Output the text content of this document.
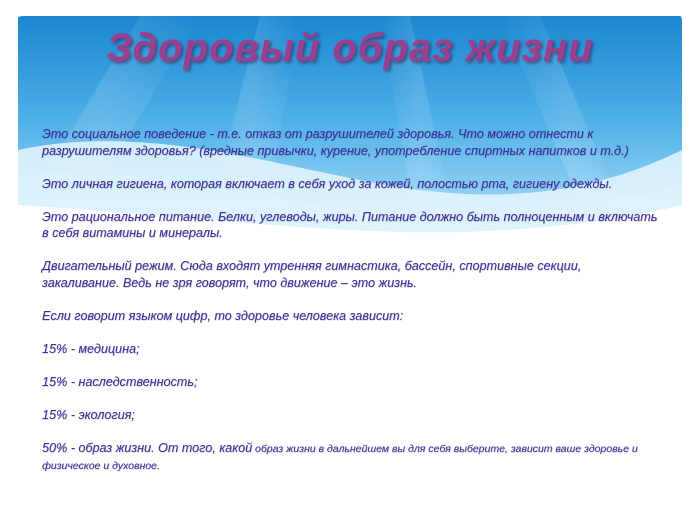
Здоровый образ жизни

Это социальное поведение - т.е. отказ от разрушителей здоровья. Что можно отнести к разрушителям здоровья? (вредные привычки, курение, употребление спиртных напитков и т.д.)

Это личная гигиена, которая включает в себя уход за кожей, полостью рта, гигиену одежды.

Это рациональное питание. Белки, углеводы, жиры. Питание должно быть полноценным и включать в себя витамины и минералы.

Двигательный режим. Сюда входят утренняя гимнастика, бассейн, спортивные секции, закаливание. Ведь не зря говорят, что движение – это жизнь.

Если говорит языком цифр, то здоровье человека зависит:

15% - медицина;

15% - наследственность;

15% - экология;

50% - образ жизни. От того, какой образ жизни в дальнейшем вы для себя выберите, зависит ваше здоровье и физическое и духовное.
